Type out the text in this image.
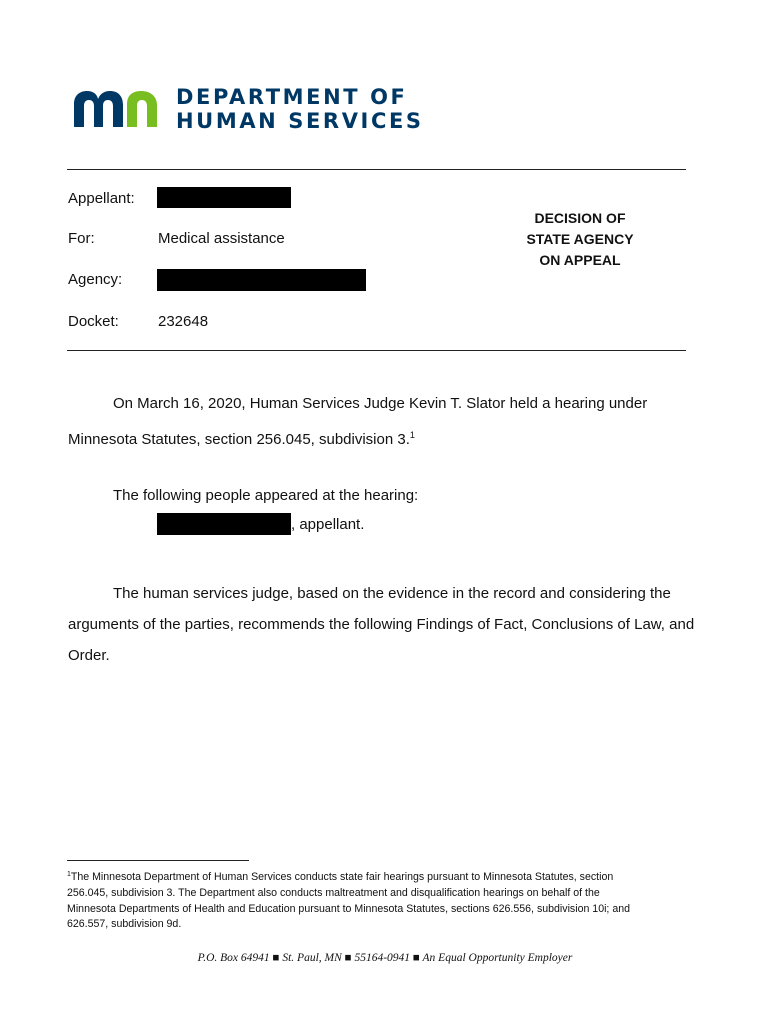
DEPARTMENT OF
HUMAN SERVICES
Appellant:
For:	Medical assistance
Agency:
Docket:	232648
DECISION OF
STATE AGENCY
ON APPEAL
On March 16, 2020, Human Services Judge Kevin T. Slator held a hearing under
Minnesota Statutes, section 256.045, subdivision 3.$^1$
The following people appeared at the hearing:
, appellant.
The human services judge, based on the evidence in the record and considering the
arguments of the parties, recommends the following Findings of Fact, Conclusions of Law, and
Order.
$^1$The Minnesota Department of Human Services conducts state fair hearings pursuant to Minnesota Statutes, section
256.045, subdivision 3. The Department also conducts maltreatment and disqualification hearings on behalf of the
Minnesota Departments of Health and Education pursuant to Minnesota Statutes, sections 626.556, subdivision 10i; and
626.557, subdivision 9d.
P.O. Box 64941 ■ St. Paul, MN ■ 55164-0941 ■ An Equal Opportunity Employer
